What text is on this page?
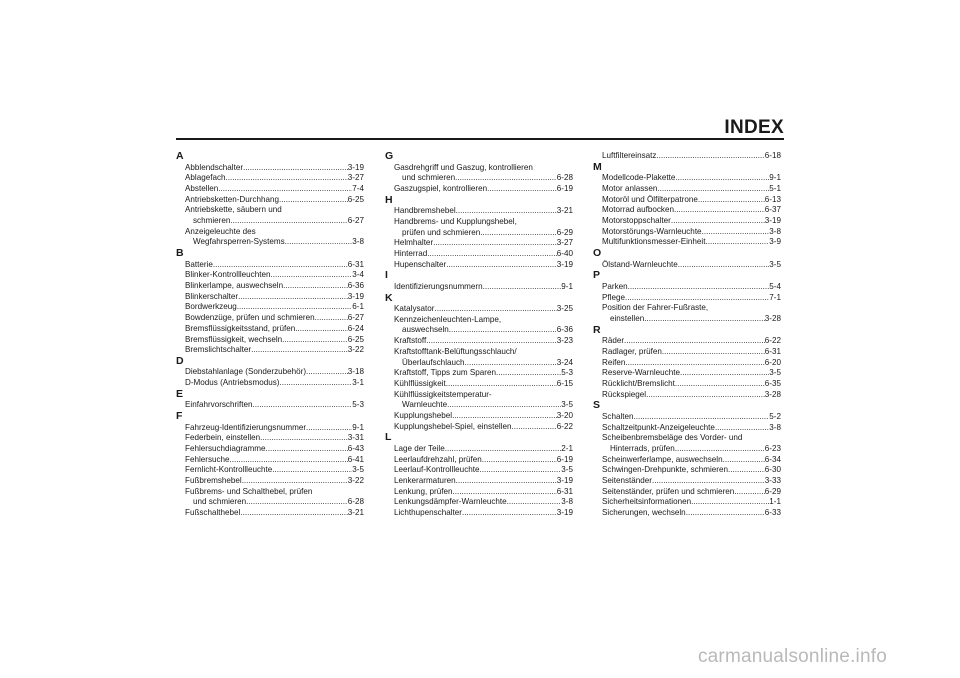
INDEX
A
Abblendschalter .....	3-19
Ablagefach .....	3-27
Abstellen .....	7-4
Antriebsketten-Durchhang .....	6-25
Antriebskette, säubern und
schmieren .....	6-27
Anzeigeleuchte des
Wegfahrsperren-Systems .....	3-8
B
Batterie .....	6-31
Blinker-Kontrollleuchten .....	3-4
Blinkerlampe, auswechseln .....	6-36
Blinkerschalter .....	3-19
Bordwerkzeug .....	6-1
Bowdenzüge, prüfen und schmieren .....	6-27
Bremsflüssigkeitsstand, prüfen .....	6-24
Bremsflüssigkeit, wechseln .....	6-25
Bremslichtschalter .....	3-22
D
Diebstahlanlage (Sonderzubehör) .....	3-18
D-Modus (Antriebsmodus) .....	3-1
E
Einfahrvorschriften .....	5-3
F
Fahrzeug-Identifizierungsnummer .....	9-1
Federbein, einstellen .....	3-31
Fehlersuchdiagramme .....	6-43
Fehlersuche .....	6-41
Fernlicht-Kontrollleuchte .....	3-5
Fußbremshebel .....	3-22
Fußbrems- und Schalthebel, prüfen
und schmieren .....	6-28
Fußschalthebel .....	3-21
G
Gasdrehgriff und Gaszug, kontrollieren
und schmieren .....	6-28
Gaszugspiel, kontrollieren .....	6-19
H
Handbremshebel .....	3-21
Handbrems- und Kupplungshebel,
prüfen und schmieren .....	6-29
Helmhalter .....	3-27
Hinterrad .....	6-40
Hupenschalter .....	3-19
I
Identifizierungsnummern .....	9-1
K
Katalysator .....	3-25
Kennzeichenleuchten-Lampe,
auswechseln .....	6-36
Kraftstoff .....	3-23
Kraftstofftank-Belüftungsschlauch/
Überlaufschlauch .....	3-24
Kraftstoff, Tipps zum Sparen .....	5-3
Kühlflüssigkeit .....	6-15
Kühlflüssigkeitstemperatur-
Warnleuchte .....	3-5
Kupplungshebel .....	3-20
Kupplungshebel-Spiel, einstellen .....	6-22
L
Lage der Teile .....	2-1
Leerlaufdrehzahl, prüfen .....	6-19
Leerlauf-Kontrollleuchte .....	3-5
Lenkerarmaturen .....	3-19
Lenkung, prüfen .....	6-31
Lenkungsdämpfer-Warnleuchte .....	3-8
Lichthupenschalter .....	3-19
Luftfiltereinsatz .....	6-18
M
Modellcode-Plakette .....	9-1
Motor anlassen .....	5-1
Motoröl und Ölfilterpatrone .....	6-13
Motorrad aufbocken .....	6-37
Motorstoppschalter .....	3-19
Motorstörungs-Warnleuchte .....	3-8
Multifunktionsmesser-Einheit .....	3-9
O
Ölstand-Warnleuchte .....	3-5
P
Parken .....	5-4
Pflege .....	7-1
Position der Fahrer-Fußraste,
einstellen .....	3-28
R
Räder .....	6-22
Radlager, prüfen .....	6-31
Reifen .....	6-20
Reserve-Warnleuchte .....	3-5
Rücklicht/Bremslicht .....	6-35
Rückspiegel .....	3-28
S
Schalten .....	5-2
Schaltzeitpunkt-Anzeigeleuchte .....	3-8
Scheibenbremsbeläge des Vorder- und
Hinterrads, prüfen .....	6-23
Scheinwerferlampe, auswechseln .....	6-34
Schwingen-Drehpunkte, schmieren .....	6-30
Seitenständer .....	3-33
Seitenständer, prüfen und schmieren .....	6-29
Sicherheitsinformationen .....	1-1
Sicherungen, wechseln .....	6-33
carmanualsonline.info
